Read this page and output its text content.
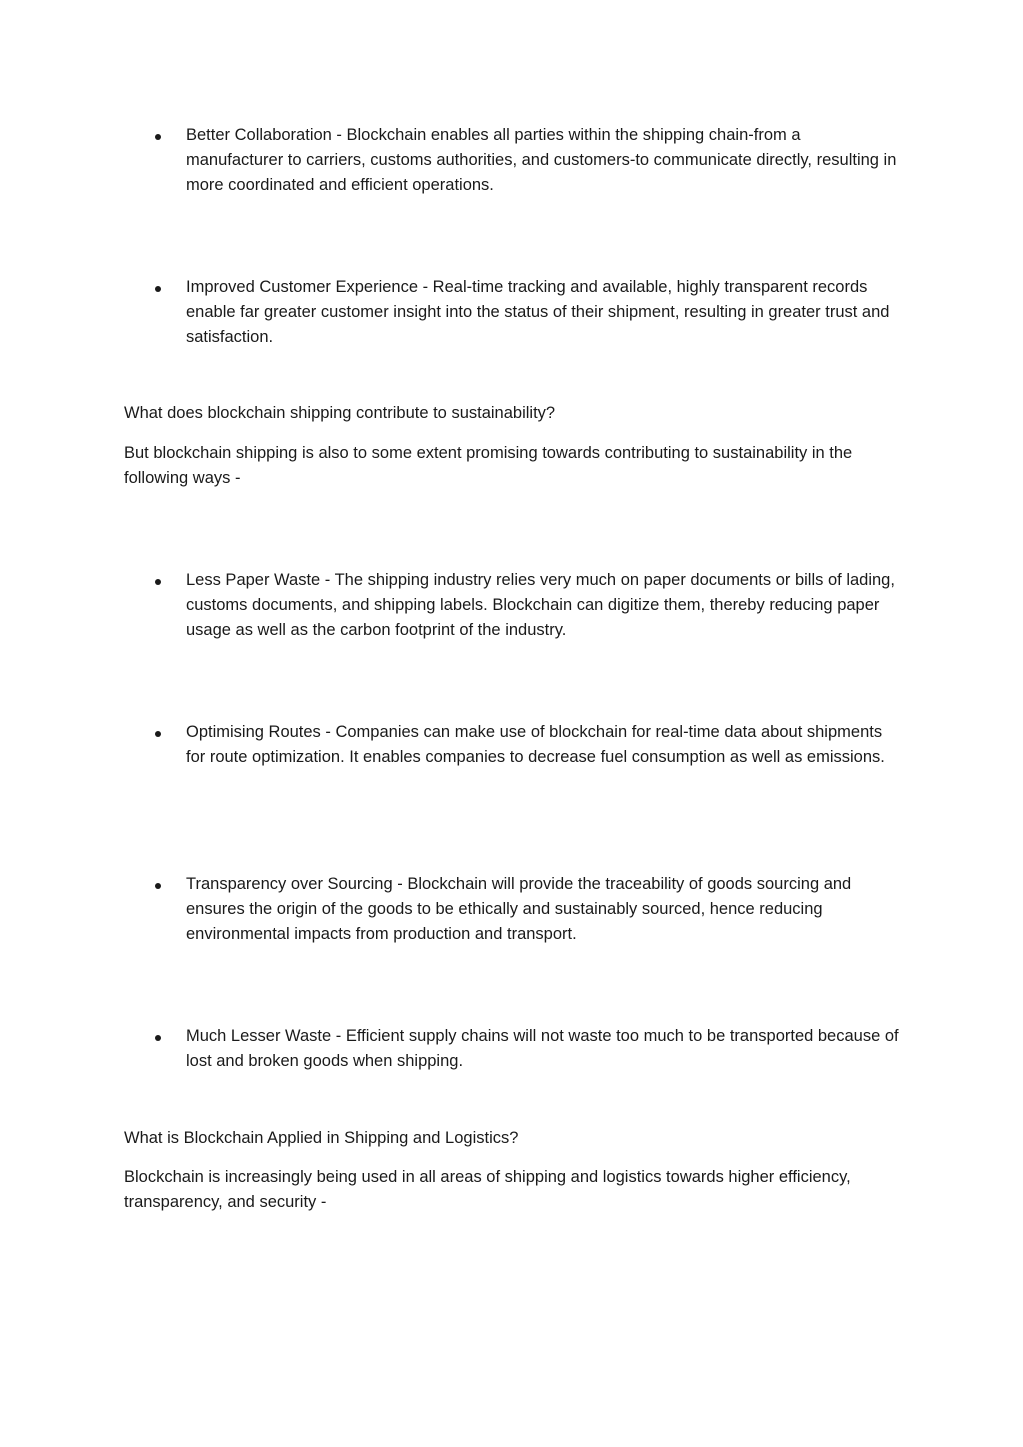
Better Collaboration - Blockchain enables all parties within the shipping chain-from a manufacturer to carriers, customs authorities, and customers-to communicate directly, resulting in more coordinated and efficient operations.
Improved Customer Experience - Real-time tracking and available, highly transparent records enable far greater customer insight into the status of their shipment, resulting in greater trust and satisfaction.
What does blockchain shipping contribute to sustainability?
But blockchain shipping is also to some extent promising towards contributing to sustainability in the following ways -
Less Paper Waste - The shipping industry relies very much on paper documents or bills of lading, customs documents, and shipping labels. Blockchain can digitize them, thereby reducing paper usage as well as the carbon footprint of the industry.
Optimising Routes - Companies can make use of blockchain for real-time data about shipments for route optimization. It enables companies to decrease fuel consumption as well as emissions.
Transparency over Sourcing - Blockchain will provide the traceability of goods sourcing and ensures the origin of the goods to be ethically and sustainably sourced, hence reducing environmental impacts from production and transport.
Much Lesser Waste - Efficient supply chains will not waste too much to be transported because of lost and broken goods when shipping.
What is Blockchain Applied in Shipping and Logistics?
Blockchain is increasingly being used in all areas of shipping and logistics towards higher efficiency, transparency, and security -
